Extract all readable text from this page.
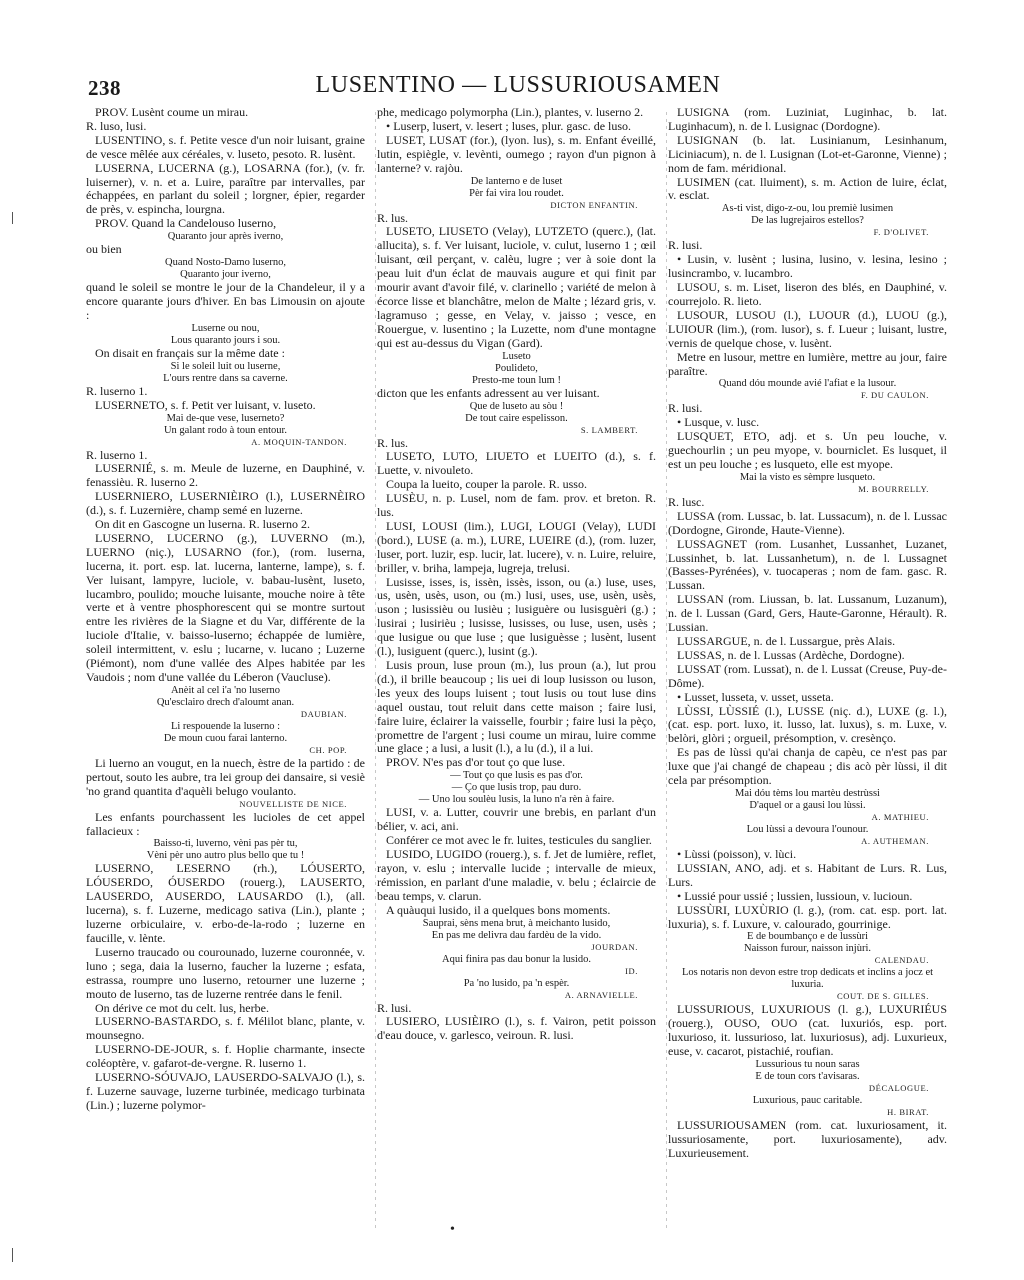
238	LUSENTINO — LUSSURIOUSAMEN
PROV. Lusènt coume un mirau.
R. luso, lusi.
LUSENTINO, s. f. Petite vesce d'un noir luisant, graine de vesce mêlée aux céréales, v. luseto, pesoto. R. lusènt.
LUSERNA, LUCERNA (g.), LOSARNA (for.), (v. fr. luiserner), v. n. et a. Luire, paraître par intervalles, par échappées, en parlant du soleil ; lorgner, épier, regarder de près, v. espincha, lourgna.
PROV. Quand la Candelouso luserno,
Quaranto jour après iverno,
ou bien
Quand Nosto-Damo luserno,
Quaranto jour iverno,
quand le soleil se montre le jour de la Chandeleur, il y a encore quarante jours d'hiver. En bas Limousin on ajoute :
Luserne ou nou,
Lous quaranto jours i sou.
On disait en français sur la même date :
Si le soleil luit ou luserne,
L'ours rentre dans sa caverne.
R. luserno 1.
LUSERNETO, s. f. Petit ver luisant, v. luseto.
Mai de-que vese, luserneto?
Un galant rodo à toun entour.
A. MOQUIN-TANDON.
R. luserno 1.
LUSERNIÉ, s. m. Meule de luzerne, en Dauphiné, v. fenassièu. R. luserno 2.
LUSERNIERO, LUSERNIÈIRO (l.), LUSERNÈIRO (d.), s. f. Luzernière, champ semé en luzerne.
On dit en Gascogne un luserna. R. luserno 2.
LUSERNO, LUCERNO (g.), LUVERNO (m.), LUERNO (niç.), LUSARNO (for.), (rom. luserna, lucerna, it. port. esp. lat. lucerna, lanterne, lampe), s. f. Ver luisant, lampyre, luciole, v. babau-lusènt, luseto, lucambro, poulido; mouche luisante, mouche noire à tête verte et à ventre phosphorescent qui se montre surtout entre les rivières de la Siagne et du Var, différente de la luciole d'Italie, v. baisso-luserno; échappée de lumière, soleil intermittent, v. eslu ; lucarne, v. lucano ; Luzerne (Piémont), nom d'une vallée des Alpes habitée par les Vaudois ; nom d'une vallée du Léberon (Vaucluse).
Anèit al cel i'a 'no luserno
Qu'esclairo drech d'aloumt anan.
DAUBIAN.
Li respouende la luserno :
De moun cuou farai lanterno.
CH. POP.
Li luerno an vougut, en la nuech, èstre de la partido : de pertout, souto les aubre, tra lei group dei dansaire, si vesiè 'no grand quantita d'aquèli belugo voulanto.
NOUVELLISTE DE NICE.
Les enfants pourchassent les lucioles de cet appel fallacieux :
Baisso-ti, luverno, vèni pas pèr tu,
Vèni pèr uno autro plus bello que tu !
LUSERNO, LESERNO (rh.), LÓUSERTO, LÓUSERDO, ÓUSERDO (rouerg.), LAUSERTO, LAUSERDO, AUSERDO, LAUSARDO (l.), (all. lucerna), s. f. Luzerne, medicago sativa (Lin.), plante ; luzerne orbiculaire, v. erbo-de-la-rodo ; luzerne en faucille, v. lènte.
Luserno traucado ou courounado, luzerne couronnée, v. luno ; sega, daia la luserno, faucher la luzerne ; esfata, estrassa, roumpre uno luserno, retourner une luzerne ; mouto de luserno, tas de luzerne rentrée dans le fenil.
On dérive ce mot du celt. lus, herbe.
LUSERNO-BASTARDO, s. f. Mélilot blanc, plante, v. mounsegno.
LUSERNO-DE-JOUR, s. f. Hoplie charmante, insecte coléoptère, v. gafarot-de-vergne. R. luserno 1.
LUSERNO-SÓUVAJO, LAUSERDO-SALVAJO (l.), s. f. Luzerne sauvage, luzerne turbinée, medicago turbinata (Lin.) ; luzerne polymor-
phe, medicago polymorpha (Lin.), plantes, v. luserno 2.
• Luserp, lusert, v. lesert ; luses, plur. gasc. de luso.
LUSET, LUSAT (for.), (lyon. lus), s. m. Enfant éveillé, lutin, espiègle, v. levènti, oumego ; rayon d'un pignon à lanterne? v. rajòu.
De lanterno e de luset
Pèr fai vira lou roudet.
DICTON ENFANTIN.
R. lus.
LUSETO, LIUSETO (Velay), LUTZETO (querc.), (lat. allucita), s. f. Ver luisant, luciole, v. culut, luserno 1 ; œil luisant, œil perçant, v. calèu, lugre ; ver à soie dont la peau luit d'un éclat de mauvais augure et qui finit par mourir avant d'avoir filé, v. clarinello ; variété de melon à écorce lisse et blanchâtre, melon de Malte ; lézard gris, v. lagramuso ; gesse, en Velay, v. jaisso ; vesce, en Rouergue, v. lusentino ; la Luzette, nom d'une montagne qui est au-dessus du Vigan (Gard).
Luseto
Poulideto,
Presto-me toun lum !
dicton que les enfants adressent au ver luisant.
Que de luseto au sòu !
De tout caire espelisson.
S. LAMBERT.
R. lus.
LUSETO, LUTO, LIUETO et LUEITO (d.), s. f. Luette, v. nivouleto.
Coupa la lueito, couper la parole. R. usso.
LUSÈU, n. p. Lusel, nom de fam. prov. et breton. R. lus.
LUSI, LOUSI (lim.), LUGI, LOUGI (Velay), LUDI (bord.), LUSE (a. m.), LURE, LUEIRE (d.), (rom. luzer, luser, port. luzir, esp. lucir, lat. lucere), v. n. Luire, reluire, briller, v. briha, lampeja, lugreja, trelusi.
Lusisse, isses, is, issèn, issès, isson, ou (a.) luse, uses, us, usèn, usès, uson, ou (m.) lusi, uses, use, usèn, usès, uson ; lusissièu ou lusièu ; lusiguère ou lusisguèri (g.) ; lusirai ; lusirièu ; lusisse, lusisses, ou luse, usen, usès ; que lusigue ou que luse ; que lusiguèsse ; lusènt, lusent (l.), lusiguent (querc.), lusint (g.).
Lusis proun, luse proun (m.), lus proun (a.), lut prou (d.), il brille beaucoup ; lis uei di loup lusisson ou luson, les yeux des loups luisent ; tout lusis ou tout luse dins aquel oustau, tout reluit dans cette maison ; faire lusi, faire luire, éclairer la vaisselle, fourbir ; faire lusi la pèço, promettre de l'argent ; lusi coume un mirau, luire comme une glace ; a lusi, a lusit (l.), a lu (d.), il a lui.
PROV. N'es pas d'or tout ço que luse.
— Tout ço que lusis es pas d'or.
— Ço que lusis trop, pau duro.
— Uno lou soulèu lusis, la luno n'a rèn à faire.
LUSI, v. a. Lutter, couvrir une brebis, en parlant d'un bélier, v. aci, ani.
Conférer ce mot avec le fr. luites, testicules du sanglier.
LUSIDO, LUGIDO (rouerg.), s. f. Jet de lumière, reflet, rayon, v. eslu ; intervalle lucide ; intervalle de mieux, rémission, en parlant d'une maladie, v. belu ; éclaircie de beau temps, v. clarun.
A quàuqui lusido, il a quelques bons moments.
Sauprai, sèns mena brut, à meichanto lusido,
En pas me delivra dau fardèu de la vido.
JOURDAN.
Aqui finira pas dau bonur la lusido.
ID.
Pa 'no lusido, pa 'n espèr.
A. ARNAVIELLE.
R. lusi.
LUSIERO, LUSIÈIRO (l.), s. f. Vairon, petit poisson d'eau douce, v. garlesco, veiroun. R. lusi.
LUSIGNA (rom. Luziniat, Luginhac, b. lat. Luginhacum), n. de l. Lusignac (Dordogne).
LUSIGNAN (b. lat. Lusinianum, Lesinhanum, Liciniacum), n. de l. Lusignan (Lot-et-Garonne, Vienne) ; nom de fam. méridional.
LUSIMEN (cat. lluiment), s. m. Action de luire, éclat, v. esclat.
As-ti vist, digo-z-ou, lou premiè lusimen
De las lugrejairos estellos?
F. D'OLIVET.
R. lusi.
• Lusin, v. lusènt ; lusina, lusino, v. lesina, lesino ; lusincrambo, v. lucambro.
LUSOU, s. m. Liset, liseron des blés, en Dauphiné, v. courrejolo. R. lieto.
LUSOUR, LUSOU (l.), LUOUR (d.), LUOU (g.), LUIOUR (lim.), (rom. lusor), s. f. Lueur ; luisant, lustre, vernis de quelque chose, v. lusènt.
Metre en lusour, mettre en lumière, mettre au jour, faire paraître.
Quand dóu mounde avié l'afiat e la lusour.
F. DU CAULON.
R. lusi.
• Lusque, v. lusc.
LUSQUET, ETO, adj. et s. Un peu louche, v. guechourlin ; un peu myope, v. bourniclet. Es lusquet, il est un peu louche ; es lusqueto, elle est myope.
Mai la visto es sèmpre lusqueto.
M. BOURRELLY.
R. lusc.
LUSSA (rom. Lussac, b. lat. Lussacum), n. de l. Lussac (Dordogne, Gironde, Haute-Vienne).
LUSSAGNET (rom. Lusanhet, Lussanhet, Luzanet, Lussinhet, b. lat. Lussanhetum), n. de l. Lussagnet (Basses-Pyrénées), v. tuocaperas ; nom de fam. gasc. R. Lussan.
LUSSAN (rom. Liussan, b. lat. Lussanum, Luzanum), n. de l. Lussan (Gard, Gers, Haute-Garonne, Hérault). R. Lussian.
LUSSARGUE, n. de l. Lussargue, près Alais.
LUSSAS, n. de l. Lussas (Ardèche, Dordogne).
LUSSAT (rom. Lussat), n. de l. Lussat (Creuse, Puy-de-Dôme).
• Lusset, lusseta, v. usset, usseta.
LÙSSI, LÙSSIÉ (l.), LUSSE (niç. d.), LUXE (g. l.), (cat. esp. port. luxo, it. lusso, lat. luxus), s. m. Luxe, v. belòri, glòri ; orgueil, présomption, v. cresènço.
Es pas de lùssi qu'ai chanja de capèu, ce n'est pas par luxe que j'ai changé de chapeau ; dis acò pèr lùssi, il dit cela par présomption.
Mai dóu tèms lou martèu destrùssi
D'aquel or a gausi lou lùssi.
A. MATHIEU.
Lou lùssi a devoura l'ounour.
A. AUTHEMAN.
• Lùssi (poisson), v. lùci.
LUSSIAN, ANO, adj. et s. Habitant de Lurs. R. Lus, Lurs.
• Lussié pour ussié ; lussien, lussioun, v. lucioun.
LUSSÙRI, LUXÙRIO (l. g.), (rom. cat. esp. port. lat. luxuria), s. f. Luxure, v. calourado, gourrinige.
E de boumbanço e de lussùri
Naisson furour, naisson injùri.
CALENDAU.
Los notaris non devon estre trop dedicats et inclins a jocz et luxuria.
COUT. DE S. GILLES.
LUSSURIOUS, LUXURIOUS (l. g.), LUXURIÉUS (rouerg.), OUSO, OUO (cat. luxuriós, esp. port. luxurioso, it. lussurioso, lat. luxuriosus), adj. Luxurieux, euse, v. cacarot, pistachié, roufian.
Lussurious tu noun saras
E de toun cors t'avisaras.
DÉCALOGUE.
Luxurious, pauc caritable.
H. BIRAT.
LUSSURIOUSAMEN (rom. cat. luxuriosament, it. lussuriosamente, port. luxuriosamente), adv. Luxurieusement.
•
